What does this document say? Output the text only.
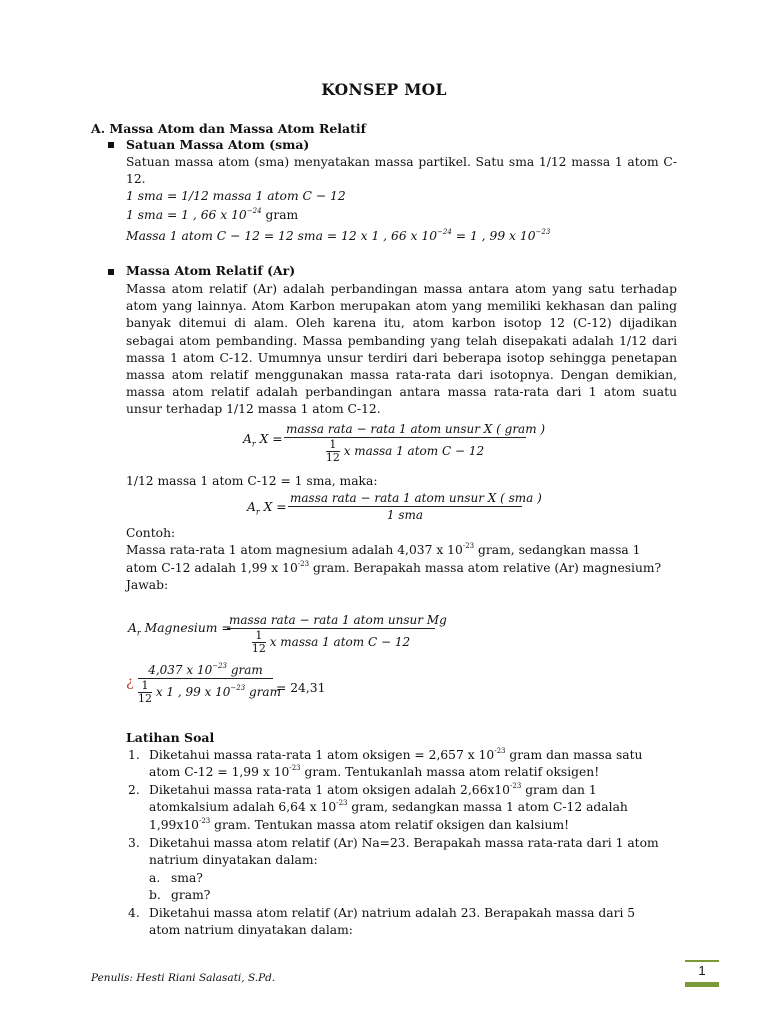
KONSEP MOL
A. Massa Atom dan Massa Atom Relatif
Satuan Massa Atom (sma)
Satuan massa atom (sma) menyatakan massa partikel. Satu sma 1/12 massa 1 atom C-12.
1 sma = 1/12 massa 1 atom C − 12
1 sma = 1 , 66 x $10^{-24}$ gram
Massa 1 atom C − 12 = 12 sma = 12 x 1 , 66 x $10^{-24} = 1$ , 99 x $10^{-23}$
Massa Atom Relatif (Ar)
Massa atom relatif (Ar) adalah perbandingan massa antara atom yang satu terhadap atom yang lainnya. Atom Karbon merupakan atom yang memiliki kekhasan dan paling banyak ditemui di alam. Oleh karena itu, atom karbon isotop 12 (C-12) dijadikan sebagai atom pembanding. Massa pembanding yang telah disepakati adalah 1/12 dari massa 1 atom C-12. Umumnya unsur terdiri dari beberapa isotop sehingga penetapan massa atom relatif menggunakan massa rata-rata dari isotopnya. Dengan demikian, massa atom relatif adalah perbandingan antara massa rata-rata dari 1 atom suatu unsur terhadap 1/12 massa 1 atom C-12.
$A_r$ X =
massa rata − rata 1 atom unsur X ( gram )
$\frac{1}{12}$ x massa 1 atom C − 12
1/12 massa 1 atom C-12 = 1 sma, maka:
$A_r$ X =
massa rata − rata 1 atom unsur X ( sma )
1 sma
Contoh:
Massa rata-rata 1 atom magnesium adalah 4,037 x $10^{-23}$ gram, sedangkan massa 1
atom C-12 adalah 1,99 x $10^{-23}$ gram. Berapakah massa atom relative (Ar) magnesium?
Jawab:
$A_r$ Magnesium =
massa rata − rata 1 atom unsur Mg
$\frac{1}{12}$ x massa 1 atom C − 12
¿
4,037 x $10^{-23}$ gram
$\frac{1}{12}$ x 1 , 99 x $10^{-23}$ gram
= 24,31
Latihan Soal
1. Diketahui massa rata-rata 1 atom oksigen = 2,657 x $10^{-23}$ gram dan massa satu
atom C-12 = 1,99 x $10^{-23}$ gram. Tentukanlah massa atom relatif oksigen!
2. Diketahui massa rata-rata 1 atom oksigen adalah $2,66x10^{-23}$ gram dan 1
atomkalsium adalah 6,64 x $10^{-23}$ gram, sedangkan massa 1 atom C-12 adalah
$1,99x10^{-23}$ gram. Tentukan massa atom relatif oksigen dan kalsium!
3. Diketahui massa atom relatif (Ar) Na=23. Berapakah massa rata-rata dari 1 atom
natrium dinyatakan dalam:
a. sma?
b. gram?
4. Diketahui massa atom relatif (Ar) natrium adalah 23. Berapakah massa dari 5
atom natrium dinyatakan dalam:
Penulis: Hesti Riani Salasati, S.Pd.	1
